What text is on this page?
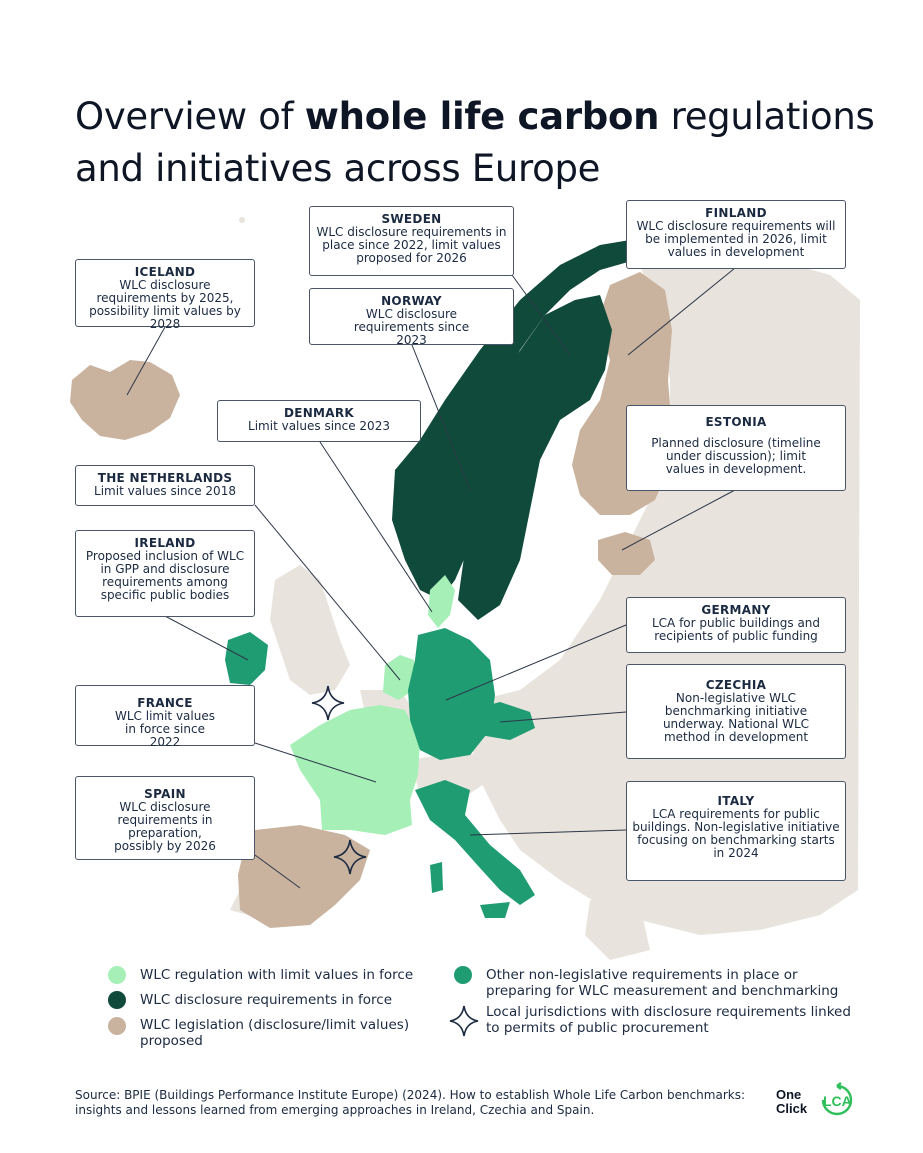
Overview of whole life carbon regulations and initiatives across Europe
ICELAND
WLC disclosure requirements by 2025, possibility limit values by 2028
SWEDEN
WLC disclosure requirements in place since 2022, limit values proposed for 2026
FINLAND
WLC disclosure requirements will be implemented in 2026, limit values in development
NORWAY
WLC disclosure requirements since 2023
DENMARK
Limit values since 2023	ESTONIA
Planned disclosure (timeline under discussion); limit values in development.
THE NETHERLANDS
Limit values since 2018
IRELAND
Proposed inclusion of WLC in GPP and disclosure requirements among specific public bodies
GERMANY
LCA for public buildings and recipients of public funding
CZECHIA
Non-legislative WLC benchmarking initiative underway. National WLC method in development
FRANCE
WLC limit values in force since 2022
ITALY
LCA requirements for public buildings. Non-legislative initiative focusing on benchmarking starts in 2024
SPAIN
WLC disclosure requirements in preparation, possibly by 2026
WLC regulation with limit values in force
WLC disclosure requirements in force
WLC legislation (disclosure/limit values) proposed
Other non-legislative requirements in place or preparing for WLC measurement and benchmarking
Local jurisdictions with disclosure requirements linked to permits of public procurement
Source: BPIE (Buildings Performance Institute Europe) (2024). How to establish Whole Life Carbon benchmarks: insights and lessons learned from emerging approaches in Ireland, Czechia and Spain.
One
Click LCA
